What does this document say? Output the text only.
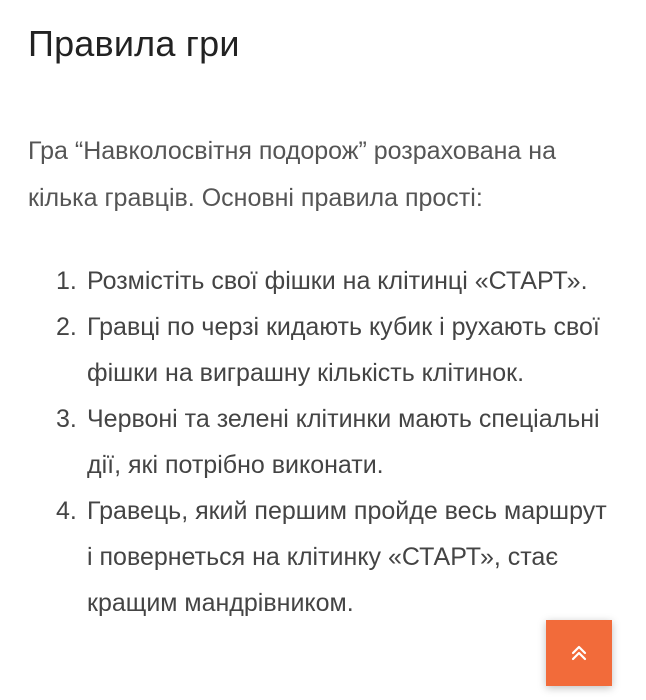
Правила гри

Гра “Навколосвітня подорож” розрахована на кілька гравців. Основні правила прості:

1. Розмістіть свої фішки на клітинці «СТАРТ».
2. Гравці по черзі кидають кубик і рухають свої фішки на виграшну кількість клітинок.
3. Червоні та зелені клітинки мають спеціальні дії, які потрібно виконати.
4. Гравець, який першим пройде весь маршрут і повернеться на клітинку «СТАРТ», стає кращим мандрівником.
